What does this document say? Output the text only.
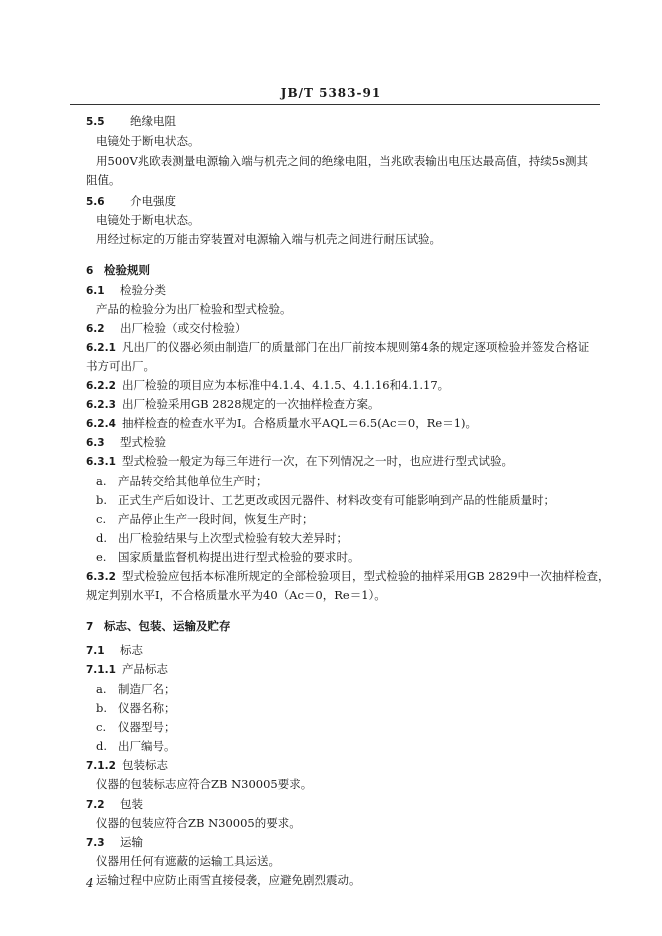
JB/T 5383-91
5.5 绝缘电阻
电镜处于断电状态。
用500V兆欧表测量电源输入端与机壳之间的绝缘电阻，当兆欧表输出电压达最高值，持续5s测其
阻值。
5.6 介电强度
电镜处于断电状态。
用经过标定的万能击穿装置对电源输入端与机壳之间进行耐压试验。
6 检验规则
6.1 检验分类
产品的检验分为出厂检验和型式检验。
6.2 出厂检验（或交付检验）
6.2.1 凡出厂的仪器必须由制造厂的质量部门在出厂前按本规则第4条的规定逐项检验并签发合格证
书方可出厂。
6.2.2 出厂检验的项目应为本标准中4.1.4、4.1.5、4.1.16和4.1.17。
6.2.3 出厂检验采用GB 2828规定的一次抽样检查方案。
6.2.4 抽样检查的检查水平为Ⅰ。合格质量水平AQL＝6.5(Ac＝0，Re＝1)。
6.3 型式检验
6.3.1 型式检验一般定为每三年进行一次，在下列情况之一时，也应进行型式试验。
a. 产品转交给其他单位生产时；
b. 正式生产后如设计、工艺更改或因元器件、材料改变有可能影响到产品的性能质量时；
c. 产品停止生产一段时间，恢复生产时；
d. 出厂检验结果与上次型式检验有较大差异时；
e. 国家质量监督机构提出进行型式检验的要求时。
6.3.2 型式检验应包括本标准所规定的全部检验项目，型式检验的抽样采用GB 2829中一次抽样检查，
规定判别水平Ⅰ，不合格质量水平为40（Ac＝0，Re＝1）。
7 标志、包装、运输及贮存
7.1 标志
7.1.1 产品标志
a. 制造厂名；
b. 仪器名称；
c. 仪器型号；
d. 出厂编号。
7.1.2 包装标志
仪器的包装标志应符合ZB N30005要求。
7.2 包装
仪器的包装应符合ZB N30005的要求。
7.3 运输
仪器用任何有遮蔽的运输工具运送。
运输过程中应防止雨雪直接侵袭，应避免剧烈震动。
4
